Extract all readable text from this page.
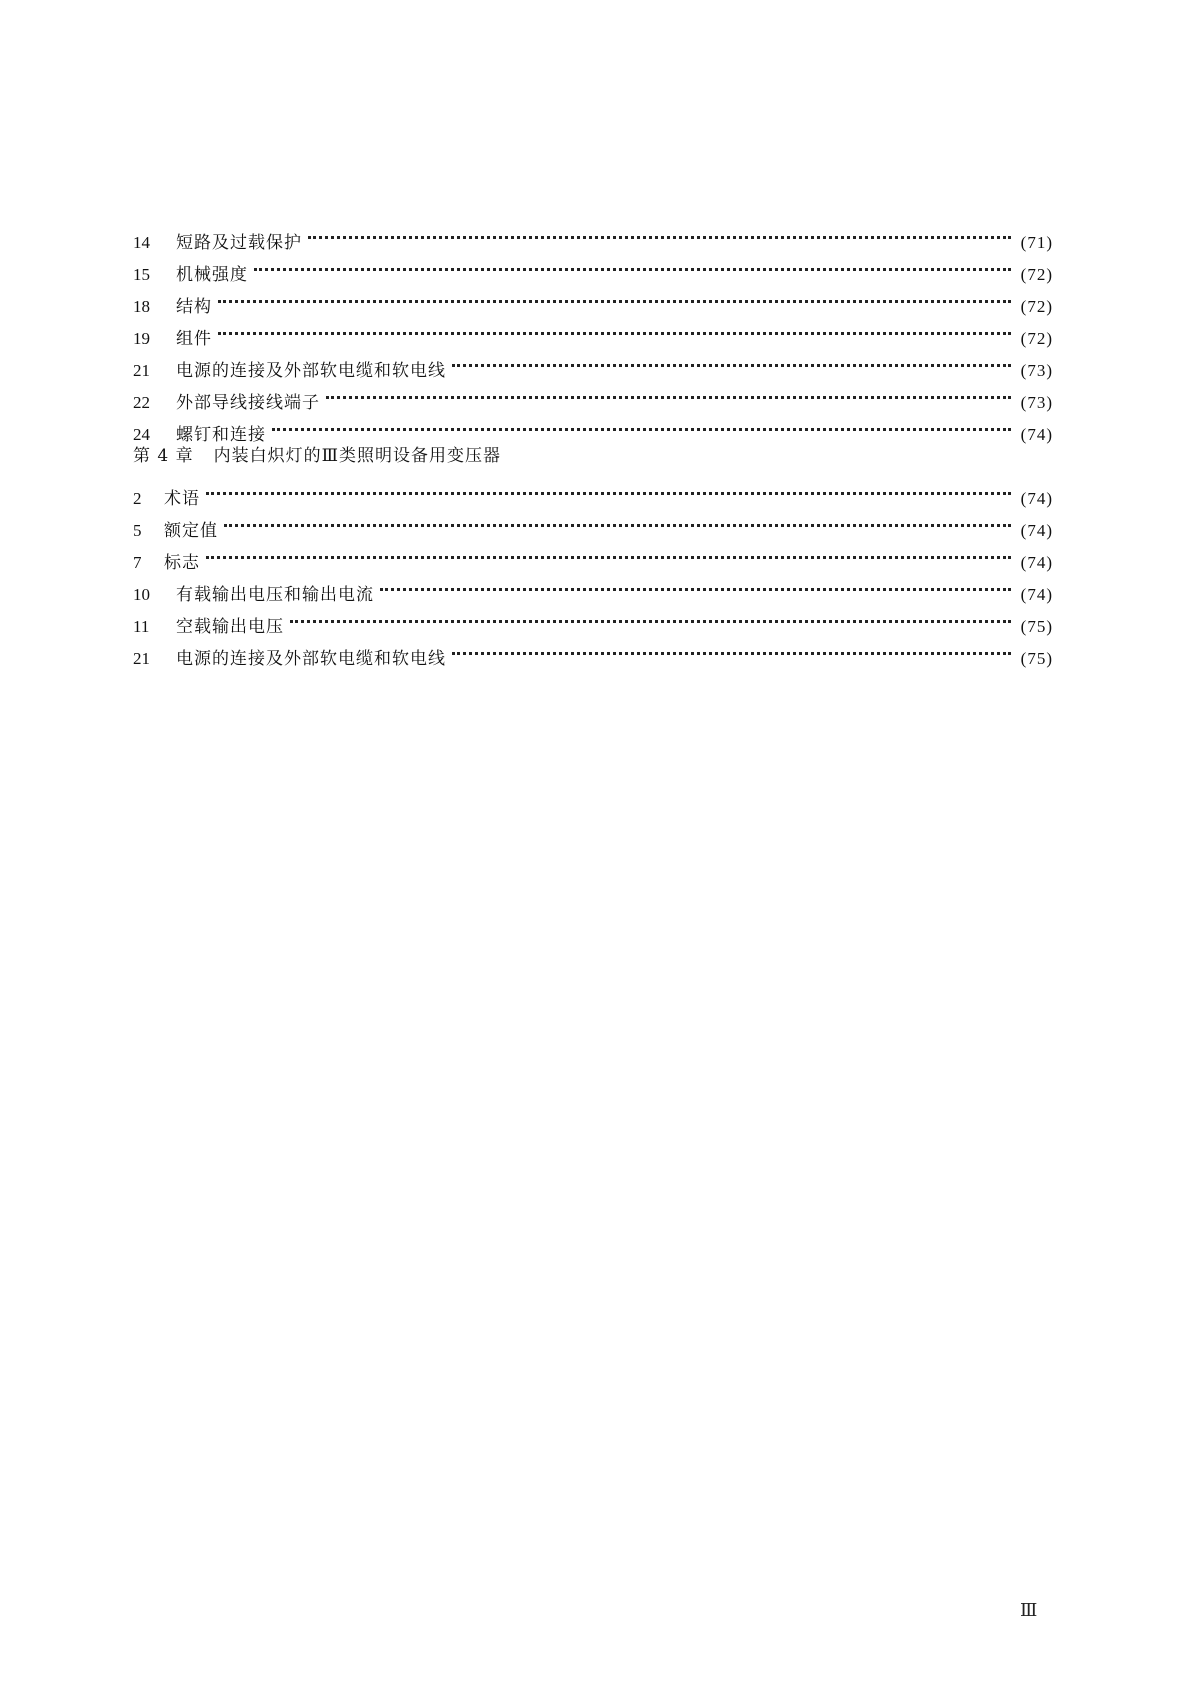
14	短路及过载保护	(71)
15	机械强度	(72)
18	结构	(72)
19	组件	(72)
21	电源的连接及外部软电缆和软电线	(73)
22	外部导线接线端子	(73)
24	螺钉和连接	(74)
第 4 章 内装白炽灯的Ⅲ类照明设备用变压器
2	术语	(74)
5	额定值	(74)
7	标志	(74)
10	有载输出电压和输出电流	(74)
11	空载输出电压	(75)
21	电源的连接及外部软电缆和软电线	(75)
Ⅲ
